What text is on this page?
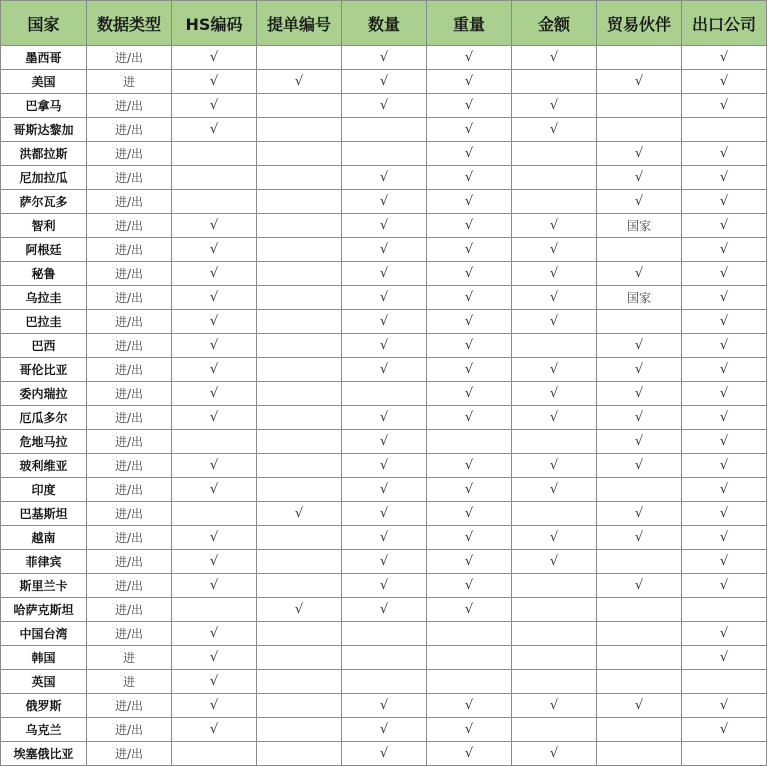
国家	数据类型	HS编码	提单编号	数量	重量	金额	贸易伙伴	出口公司
墨西哥	进/出	√		√	√	√		√
美国	进	√	√	√	√		√	√
巴拿马	进/出	√		√	√	√		√
哥斯达黎加	进/出	√			√	√		
洪都拉斯	进/出				√		√	√
尼加拉瓜	进/出			√	√		√	√
萨尔瓦多	进/出			√	√		√	√
智利	进/出	√		√	√	√	国家	√
阿根廷	进/出	√		√	√	√		√
秘鲁	进/出	√		√	√	√	√	√
乌拉圭	进/出	√		√	√	√	国家	√
巴拉圭	进/出	√		√	√	√		√
巴西	进/出	√		√	√		√	√
哥伦比亚	进/出	√		√	√	√	√	√
委内瑞拉	进/出	√			√	√	√	√
厄瓜多尔	进/出	√		√	√	√	√	√
危地马拉	进/出			√			√	√
玻利维亚	进/出	√		√	√	√	√	√
印度	进/出	√		√	√	√		√
巴基斯坦	进/出		√	√	√		√	√
越南	进/出	√		√	√	√	√	√
菲律宾	进/出	√		√	√	√		√
斯里兰卡	进/出	√		√	√		√	√
哈萨克斯坦	进/出		√	√	√			
中国台湾	进/出	√						√
韩国	进	√						√
英国	进	√						
俄罗斯	进/出	√		√	√	√	√	√
乌克兰	进/出	√		√	√			√
埃塞俄比亚	进/出			√	√	√		
